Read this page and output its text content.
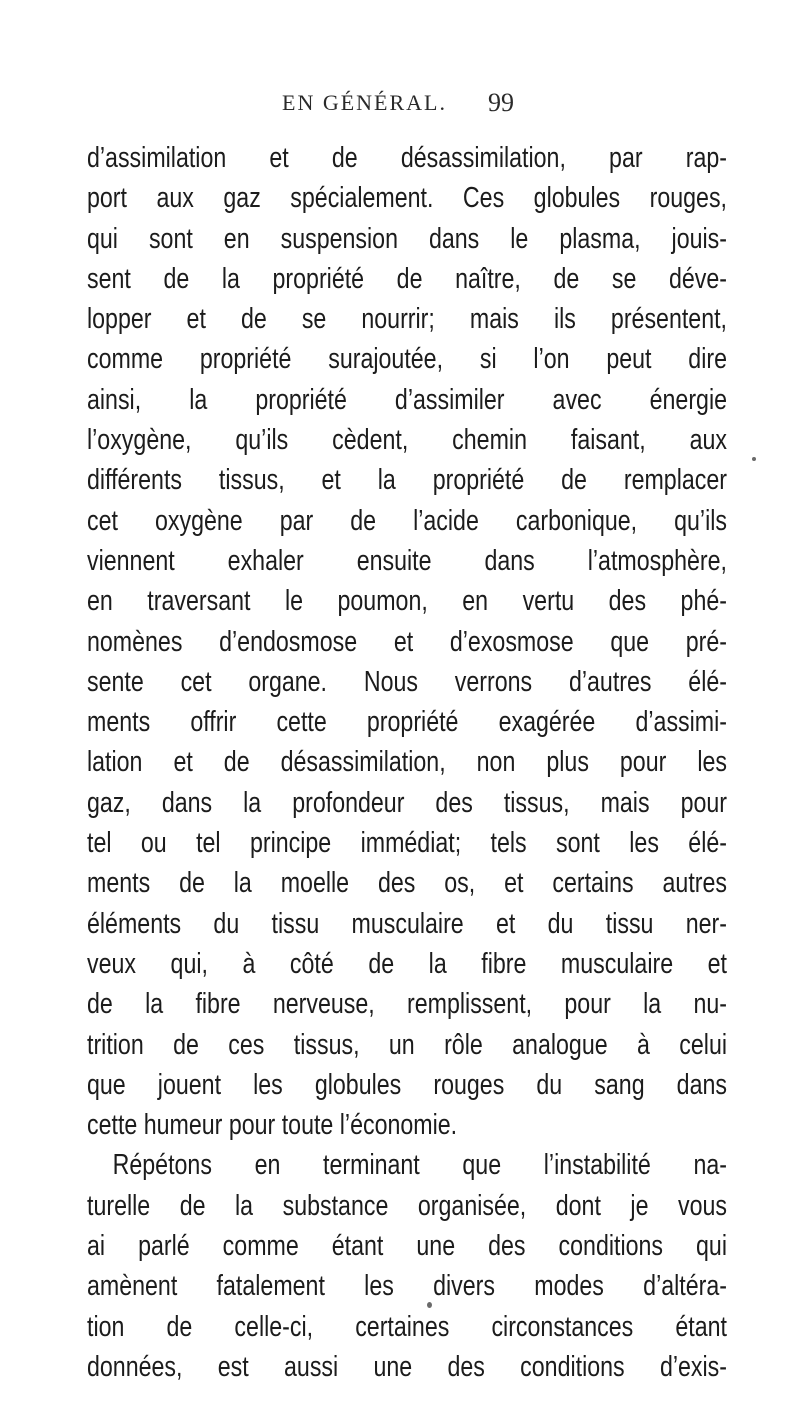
EN GÉNÉRAL. 99
d’assimilation et de désassimilation, par rap-
port aux gaz spécialement. Ces globules rouges,
qui sont en suspension dans le plasma, jouis-
sent de la propriété de naître, de se déve-
lopper et de se nourrir; mais ils présentent,
comme propriété surajoutée, si l’on peut dire
ainsi, la propriété d’assimiler avec énergie
l’oxygène, qu’ils cèdent, chemin faisant, aux
différents tissus, et la propriété de remplacer
cet oxygène par de l’acide carbonique, qu’ils
viennent exhaler ensuite dans l’atmosphère,
en traversant le poumon, en vertu des phé-
nomènes d’endosmose et d’exosmose que pré-
sente cet organe. Nous verrons d’autres élé-
ments offrir cette propriété exagérée d’assimi-
lation et de désassimilation, non plus pour les
gaz, dans la profondeur des tissus, mais pour
tel ou tel principe immédiat; tels sont les élé-
ments de la moelle des os, et certains autres
éléments du tissu musculaire et du tissu ner-
veux qui, à côté de la fibre musculaire et
de la fibre nerveuse, remplissent, pour la nu-
trition de ces tissus, un rôle analogue à celui
que jouent les globules rouges du sang dans
cette humeur pour toute l’économie.
Répétons en terminant que l’instabilité na-
turelle de la substance organisée, dont je vous
ai parlé comme étant une des conditions qui
amènent fatalement les divers modes d’altéra-
tion de celle-ci, certaines circonstances étant
données, est aussi une des conditions d’exis-
